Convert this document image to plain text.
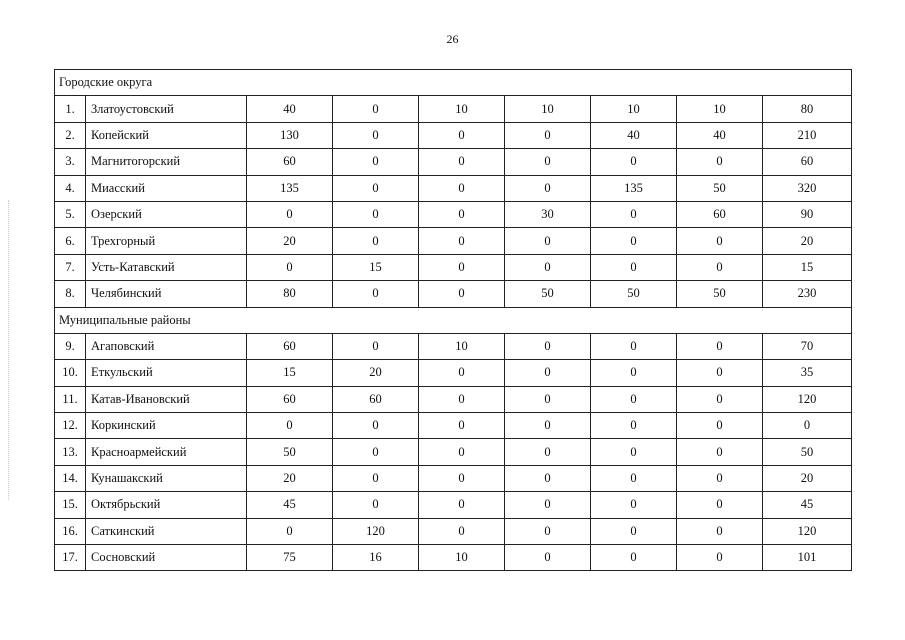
26
Городские округа								
1.	Златоустовский	40	0	10	10	10	10	80
2.	Копейский	130	0	0	0	40	40	210
3.	Магнитогорский	60	0	0	0	0	0	60
4.	Миасский	135	0	0	0	135	50	320
5.	Озерский	0	0	0	30	0	60	90
6.	Трехгорный	20	0	0	0	0	0	20
7.	Усть-Катавский	0	15	0	0	0	0	15
8.	Челябинский	80	0	0	50	50	50	230
Муниципальные районы								
9.	Агаповский	60	0	10	0	0	0	70
10.	Еткульский	15	20	0	0	0	0	35
11.	Катав-Ивановский	60	60	0	0	0	0	120
12.	Коркинский	0	0	0	0	0	0	0
13.	Красноармейский	50	0	0	0	0	0	50
14.	Кунашакский	20	0	0	0	0	0	20
15.	Октябрьский	45	0	0	0	0	0	45
16.	Саткинский	0	120	0	0	0	0	120
17.	Сосновский	75	16	10	0	0	0	101
